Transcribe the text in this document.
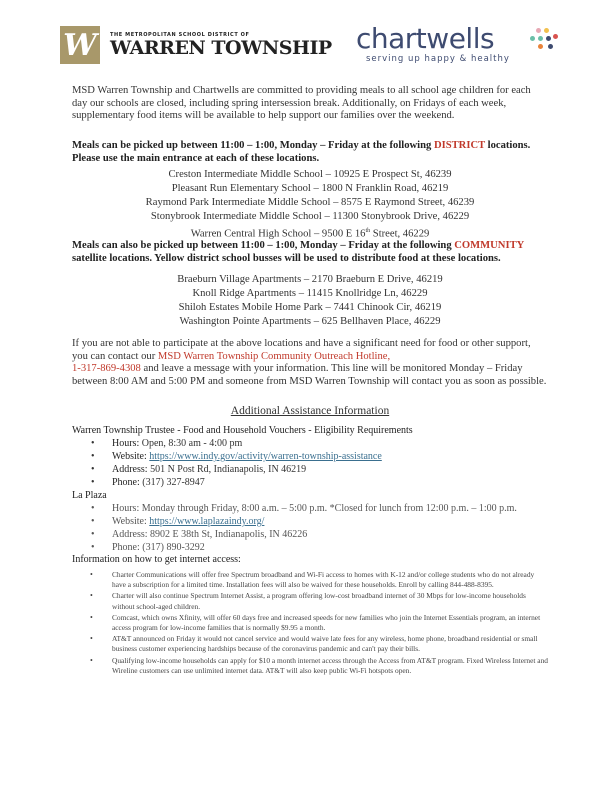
W	THE METROPOLITAN SCHOOL DISTRICT OF
WARREN TOWNSHIP chartwells
serving up happy & healthy

MSD Warren Township and Chartwells are committed to providing meals to all school age children for each day our schools are closed, including spring intersession break. Additionally, on Fridays of each week, supplementary food items will be available to help support our families over the weekend.

Meals can be picked up between 11:00 – 1:00, Monday – Friday at the following DISTRICT locations. Please use the main entrance at each of these locations.

Creston Intermediate Middle School – 10925 E Prospect St, 46239
Pleasant Run Elementary School – 1800 N Franklin Road, 46219
Raymond Park Intermediate Middle School – 8575 E Raymond Street, 46239
Stonybrook Intermediate Middle School – 11300 Stonybrook Drive, 46229
Warren Central High School – 9500 E 16th Street, 46229

Meals can also be picked up between 11:00 – 1:00, Monday – Friday at the following COMMUNITY satellite locations. Yellow district school busses will be used to distribute food at these locations.

Braeburn Village Apartments – 2170 Braeburn E Drive, 46219
Knoll Ridge Apartments – 11415 Knollridge Ln, 46229
Shiloh Estates Mobile Home Park – 7441 Chinook Cir, 46219
Washington Pointe Apartments – 625 Bellhaven Place, 46229

If you are not able to participate at the above locations and have a significant need for food or other support, you can contact our MSD Warren Township Community Outreach Hotline,
1-317-869-4308 and leave a message with your information. This line will be monitored Monday – Friday between 8:00 AM and 5:00 PM and someone from MSD Warren Township will contact you as soon as possible.

Additional Assistance Information
Warren Township Trustee - Food and Household Vouchers - Eligibility Requirements
• Hours: Open, 8:30 am - 4:00 pm
• Website: https://www.indy.gov/activity/warren-township-assistance
• Address: 501 N Post Rd, Indianapolis, IN 46219
• Phone: (317) 327-8947
La Plaza
• Hours: Monday through Friday, 8:00 a.m. – 5:00 p.m. *Closed for lunch from 12:00 p.m. – 1:00 p.m.
• Website: https://www.laplazaindy.org/
• Address: 8902 E 38th St, Indianapolis, IN 46226
• Phone: (317) 890-3292
Information on how to get internet access:
• Charter Communications will offer free Spectrum broadband and Wi-Fi access to homes with K-12 and/or college students who do not already have a subscription for a limited time. Installation fees will also be waived for these households. Enroll by calling 844-488-8395.
• Charter will also continue Spectrum Internet Assist, a program offering low-cost broadband internet of 30 Mbps for low-income households without school-aged children.
• Comcast, which owns Xfinity, will offer 60 days free and increased speeds for new families who join the Internet Essentials program, an internet access program for low-income families that is normally $9.95 a month.
• AT&T announced on Friday it would not cancel service and would waive late fees for any wireless, home phone, broadband residential or small business customer experiencing hardships because of the coronavirus pandemic and can't pay their bills.
• Qualifying low-income households can apply for $10 a month internet access through the Access from AT&T program. Fixed Wireless Internet and Wireline customers can use unlimited internet data. AT&T will also keep public Wi-Fi hotspots open.
